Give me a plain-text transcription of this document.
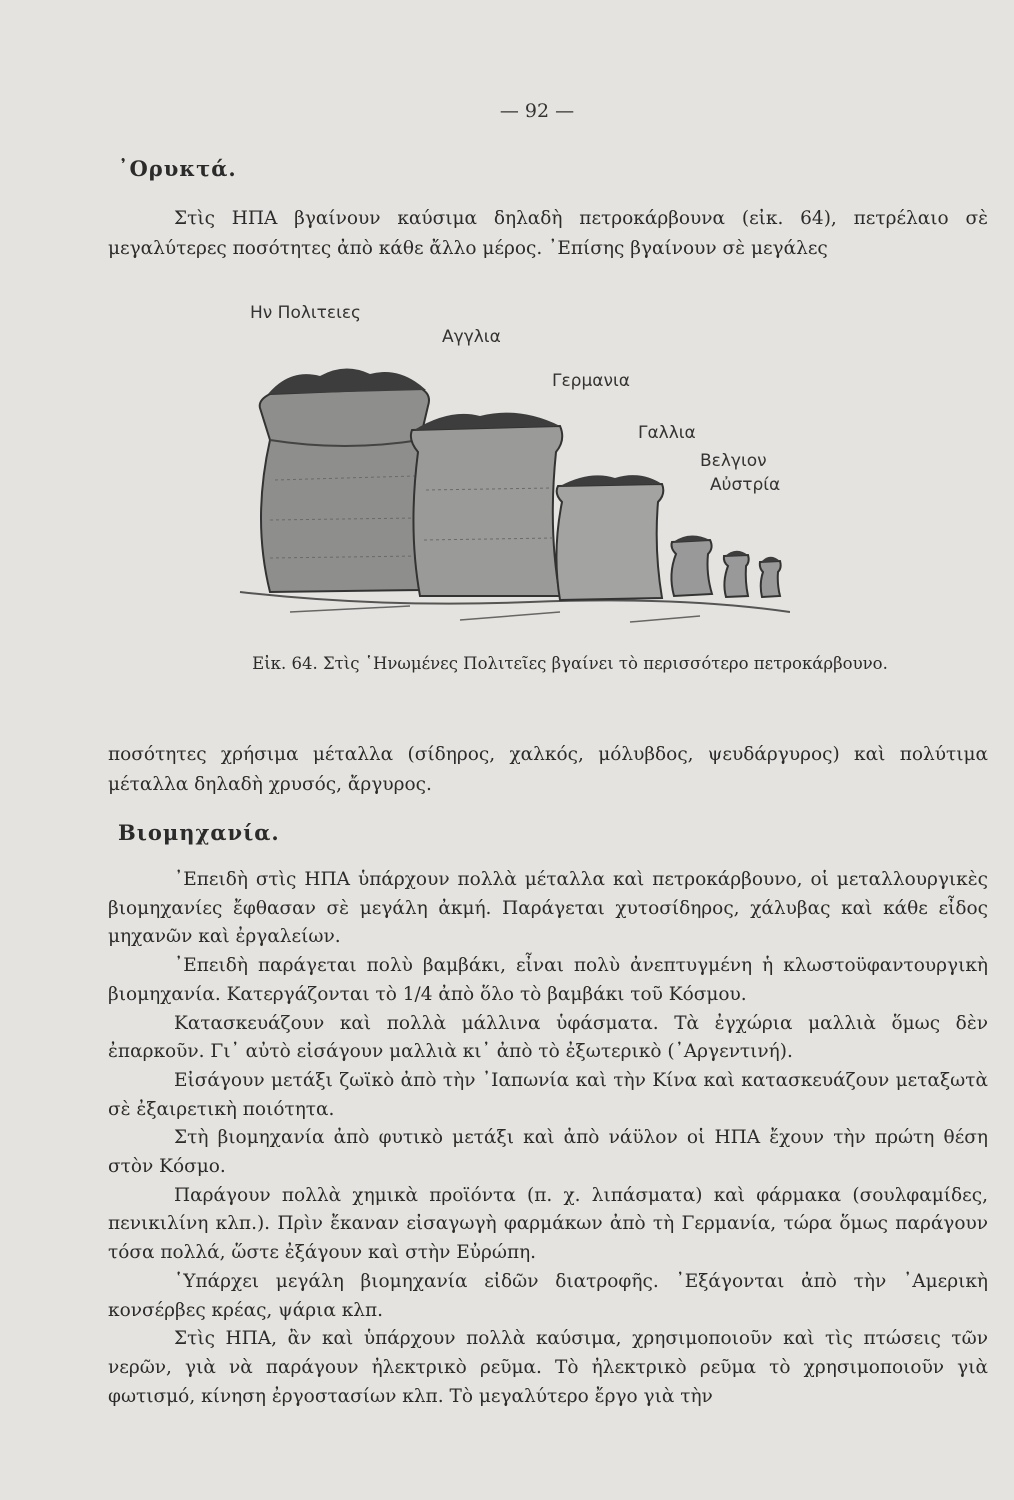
— 92 —
᾽Ορυκτά.
Στὶς ΗΠΑ βγαίνουν καύσιμα δηλαδὴ πετροκάρβουνα (εἰκ. 64), πετρέλαιο σὲ μεγαλύτερες ποσότητες ἀπὸ κάθε ἄλλο μέρος. ᾽Επίσης βγαίνουν σὲ μεγάλες
Ην Πολιτειες
Αγγλια
Γερμανια
Γαλλια
Βελγιον
Αὐστρία
Εἰκ. 64. Στὶς ῾Ηνωμένες Πολιτεῖες βγαίνει τὸ περισσότερο πετροκάρβουνο.
ποσότητες χρήσιμα μέταλλα (σίδηρος, χαλκός, μόλυβδος, ψευδάργυρος) καὶ πολύτιμα μέταλλα δηλαδὴ χρυσός, ἄργυρος.
Βιομηχανία.
᾽Επειδὴ στὶς ΗΠΑ ὑπάρχουν πολλὰ μέταλλα καὶ πετροκάρβουνο, οἱ μεταλλουργικὲς βιομηχανίες ἔφθασαν σὲ μεγάλη ἀκμή. Παράγεται χυτοσίδηρος, χάλυβας καὶ κάθε εἶδος μηχανῶν καὶ ἐργαλείων.
᾽Επειδὴ παράγεται πολὺ βαμβάκι, εἶναι πολὺ ἀνεπτυγμένη ἡ κλωστοϋφαντουργικὴ βιομηχανία. Κατεργάζονται τὸ 1/4 ἀπὸ ὅλο τὸ βαμβάκι τοῦ Κόσμου.
Κατασκευάζουν καὶ πολλὰ μάλλινα ὑφάσματα. Τὰ ἐγχώρια μαλλιὰ ὅμως δὲν ἐπαρκοῦν. Γι᾽ αὐτὸ εἰσάγουν μαλλιὰ κι᾽ ἀπὸ τὸ ἐξωτερικὸ (᾽Αργεντινή).
Εἰσάγουν μετάξι ζωϊκὸ ἀπὸ τὴν ᾽Ιαπωνία καὶ τὴν Κίνα καὶ κατασκευάζουν μεταξωτὰ σὲ ἐξαιρετικὴ ποιότητα.
Στὴ βιομηχανία ἀπὸ φυτικὸ μετάξι καὶ ἀπὸ νάϋλον οἱ ΗΠΑ ἔχουν τὴν πρώτη θέση στὸν Κόσμο.
Παράγουν πολλὰ χημικὰ προϊόντα (π. χ. λιπάσματα) καὶ φάρμακα (σουλφαμίδες, πενικιλίνη κλπ.). Πρὶν ἔκαναν εἰσαγωγὴ φαρμάκων ἀπὸ τὴ Γερμανία, τώρα ὅμως παράγουν τόσα πολλά, ὥστε ἐξάγουν καὶ στὴν Εὐρώπη.
῾Υπάρχει μεγάλη βιομηχανία εἰδῶν διατροφῆς. ᾽Εξάγονται ἀπὸ τὴν ᾽Αμερικὴ κονσέρβες κρέας, ψάρια κλπ.
Στὶς ΗΠΑ, ἂν καὶ ὑπάρχουν πολλὰ καύσιμα, χρησιμοποιοῦν καὶ τὶς πτώσεις τῶν νερῶν, γιὰ νὰ παράγουν ἠλεκτρικὸ ρεῦμα. Τὸ ἠλεκτρικὸ ρεῦμα τὸ χρησιμοποιοῦν γιὰ φωτισμό, κίνηση ἐργοστασίων κλπ. Τὸ μεγαλύτερο ἔργο γιὰ τὴν
